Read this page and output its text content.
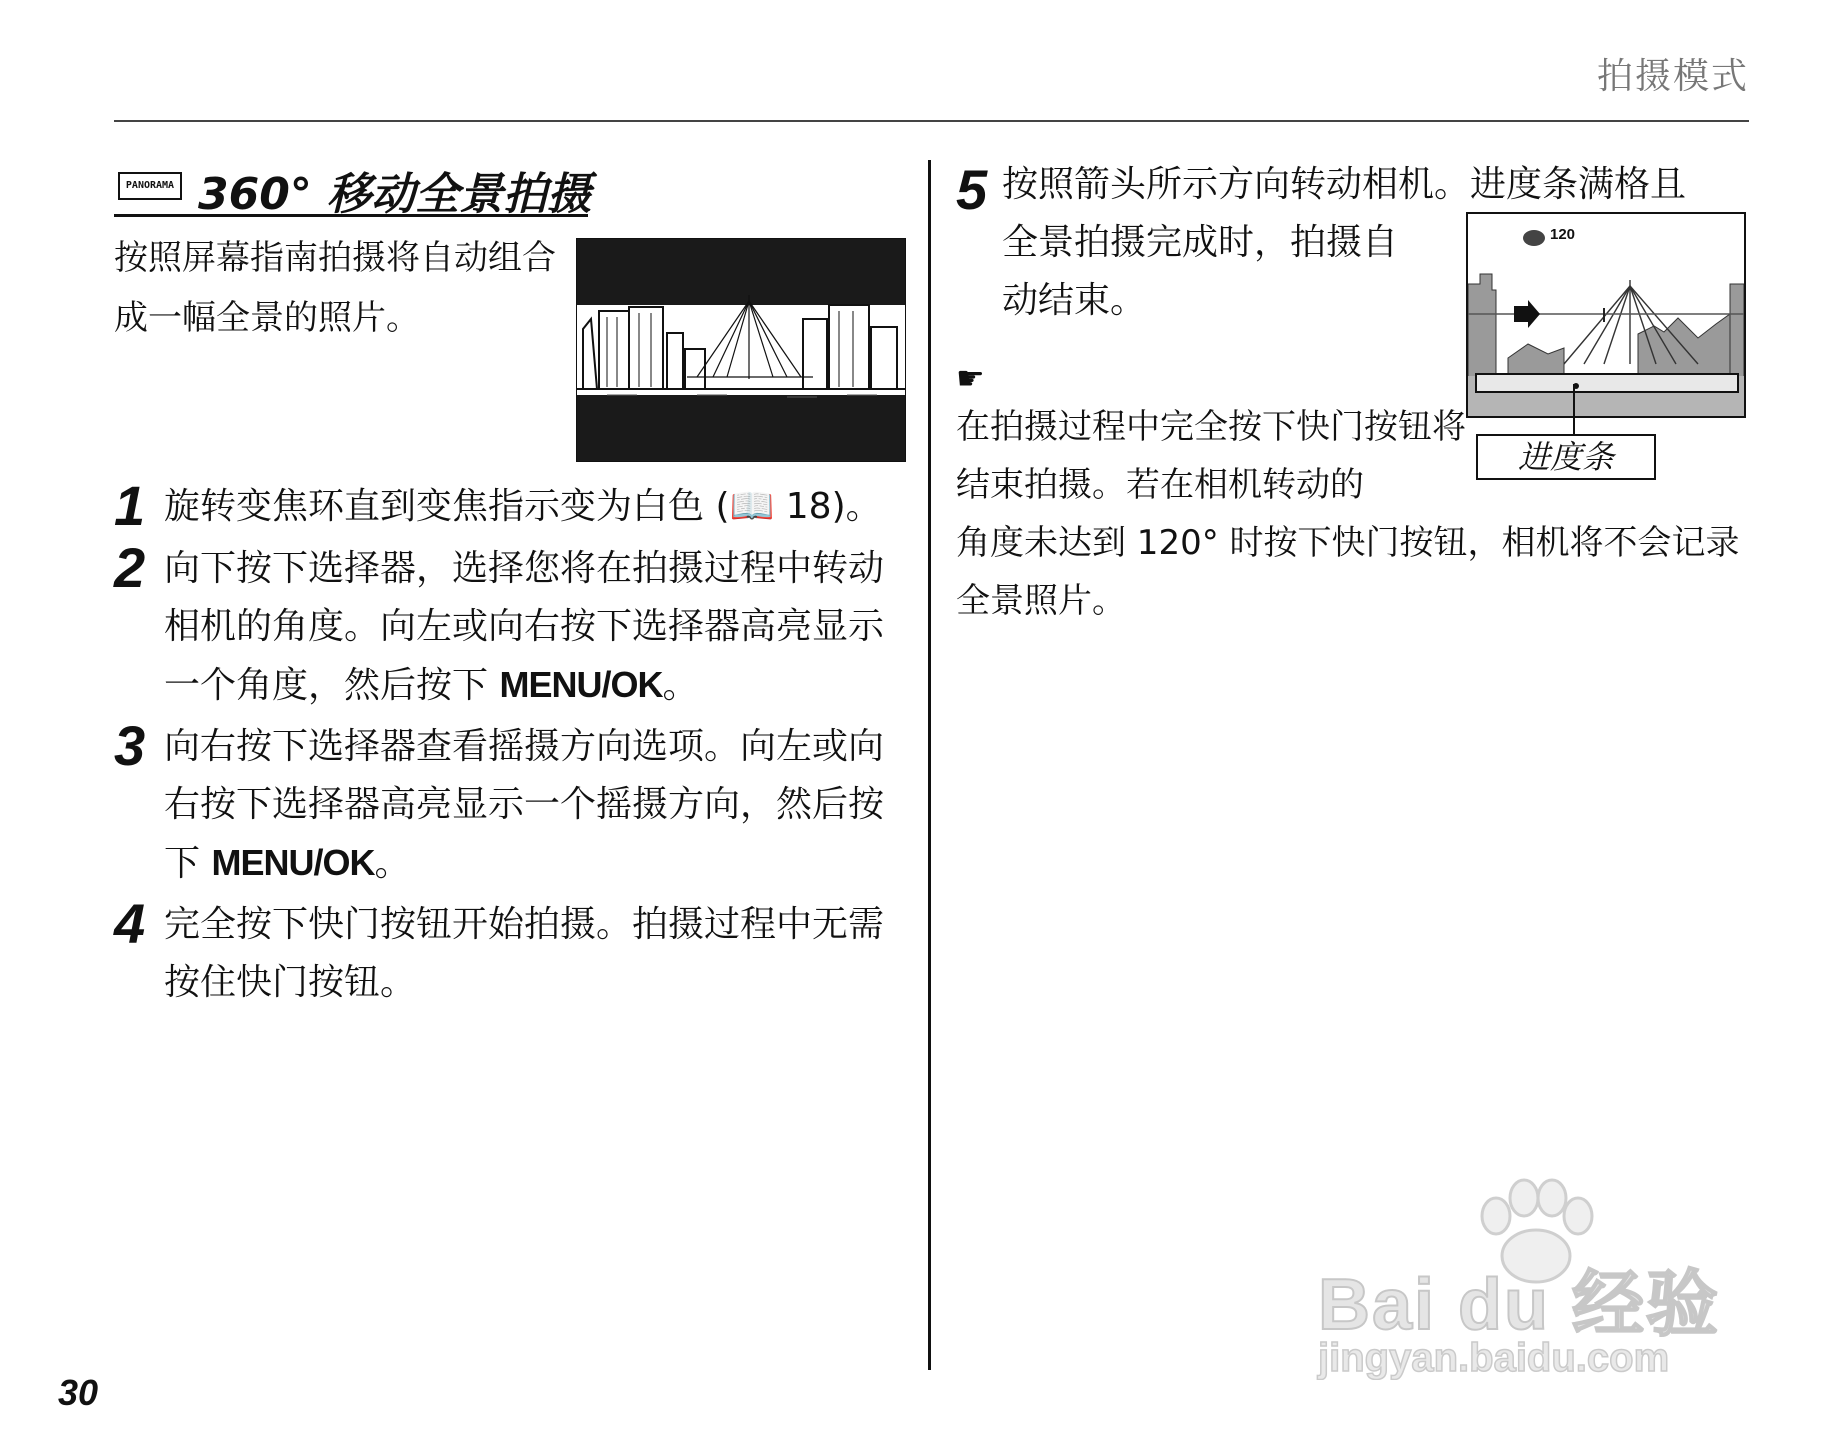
拍摄模式
PANORAMA 360° 移动全景拍摄
按照屏幕指南拍摄将自动组合成一幅全景的照片。
1 旋转变焦环直到变焦指示变为白色 (📖 18)。
2 向下按下选择器，选择您将在拍摄过程中转动相机的角度。向左或向右按下选择器高亮显示一个角度，然后按下 MENU/OK。
3 向右按下选择器查看摇摄方向选项。向左或向右按下选择器高亮显示一个摇摄方向，然后按下 MENU/OK。
4 完全按下快门按钮开始拍摄。拍摄过程中无需按住快门按钮。
5 按照箭头所示方向转动相机。进度条满格且
全景拍摄完成时，拍摄自动结束。
120
进度条
☛
在拍摄过程中完全按下快门按钮将结束拍摄。若在相机转动的
角度未达到 120° 时按下快门按钮，相机将不会记录全景照片。
30
Bai du 经验
jingyan.baidu.com
